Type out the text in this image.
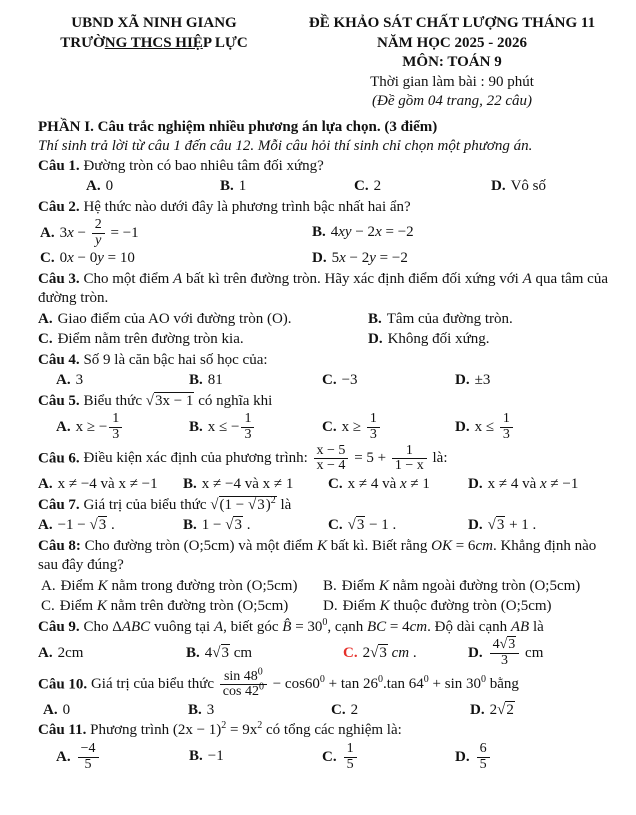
UBND XÃ NINH GIANG
TRƯỜNG THCS HIỆP LỰC
ĐỀ KHẢO SÁT CHẤT LƯỢNG THÁNG 11
NĂM HỌC 2025 - 2026
MÔN: TOÁN 9
Thời gian làm bài : 90 phút
(Đề gồm 04 trang, 22 câu)
PHẦN I. Câu trắc nghiệm nhiều phương án lựa chọn. (3 điểm)
Thí sinh trả lời từ câu 1 đến câu 12. Mỗi câu hỏi thí sinh chỉ chọn một phương án.

Câu 1. Đường tròn có bao nhiêu tâm đối xứng?

A. 0	B. 1	C. 2	D. Vô số

Câu 2. Hệ thức nào dưới đây là phương trình bậc nhất hai ẩn?

A. $3x - \frac{2}{y} = -1$	B. 4xy − 2x = −2
C. 0x − 0y = 10	D. 5x − 2y = −2

Câu 3. Cho một điểm A bất kì trên đường tròn. Hãy xác định điểm đối xứng với A qua tâm của đường tròn.

A. Giao điểm của AO với đường tròn (O).	B. Tâm của đường tròn.
C. Điểm nằm trên đường tròn kia.	D. Không đối xứng.

Câu 4. Số 9 là căn bậc hai số học của:

A. 3	B. 81	C. −3	D. ±3

Câu 5. Biểu thức √ 3x − 1 có nghĩa khi

A. x ≥ − $\frac{1}{3}$	B. x ≤ − $\frac{1}{3}$	C. $x \ge \frac{1}{3}$	D. $x \le \frac{1}{3}$

Câu 6. Điều kiện xác định của phương trình: $\frac{x - 5}{x - 4} = 5 + \frac{1}{1 - x}$ là:

A. x ≠ −4 và x ≠ −1	B. x ≠ −4 và x ≠ 1	C. x ≠ 4 và x ≠ 1	D. x ≠ 4 và x ≠ −1

Câu 7. Giá trị của biểu thức √ (1 − √ 3)$^2$ là

A. −1 − √ 3 .	B. 1 − √ 3 .	C. √ 3 − 1 .	D. √ 3 + 1 .

Câu 8: Cho đường tròn (O;5cm) và một điểm K bất kì. Biết rằng OK = 6cm. Khẳng định nào sau đây đúng?

A. Điểm K nằm trong đường tròn (O;5cm)	B. Điểm K nằm ngoài đường tròn (O;5cm)
C. Điểm K nằm trên đường tròn (O;5cm)	D. Điểm K thuộc đường tròn (O;5cm)

Câu 9. Cho ΔABC vuông tại A, biết góc B̂ = $30^0$, cạnh BC = 4cm. Độ dài cạnh AB là

A. 2cm	B. 4 √ 3 cm	C. 2 √ 3 cm .	D. $\frac{4 √ 3}{3}$ cm

Câu 10. Giá trị của biểu thức $\frac{\sin 48^0}{\cos 42^0} - \cos 60^0 + \tan 26^0.\tan$ $64^0 + \sin 30^0$ bằng

A. 0	B. 3	C. 2	D. 2 √ 2

Câu 11. Phương trình $(2x - 1)^2 = 9x^2$ có tổng các nghiệm là:

A. $\frac{-4}{5}$	B. −1	C. $\frac{1}{5}$	D. $\frac{6}{5}$
